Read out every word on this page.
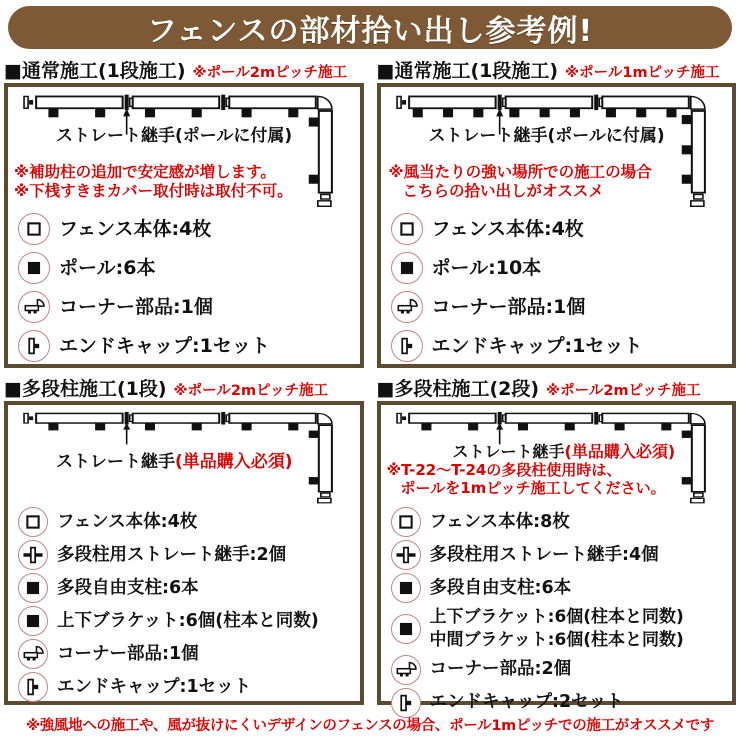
フェンスの部材拾い出し参考例!
■通常施工(1段施工) ※ポール2mピッチ施工
ストレート継手(ポールに付属)
※補助柱の追加で安定感が増します。
※下桟すきまカバー取付時は取付不可。
フェンス本体:4枚
ポール:6本
コーナー部品:1個
エンドキャップ:1セット
■通常施工(1段施工) ※ポール1mピッチ施工
ストレート継手(ポールに付属)
※風当たりの強い場所での施工の場合
こちらの拾い出しがオススメ
フェンス本体:4枚
ポール:10本
コーナー部品:1個
エンドキャップ:1セット
■多段柱施工(1段) ※ポール2mピッチ施工
ストレート継手(単品購入必須)
フェンス本体:4枚
多段柱用ストレート継手:2個
多段自由支柱:6本
上下ブラケット:6個(柱本と同数)
コーナー部品:1個
エンドキャップ:1セット
■多段柱施工(2段) ※ポール2mピッチ施工
ストレート継手(単品購入必須)
※T-22〜T-24の多段柱使用時は、
ポールを1mピッチ施工してください。
フェンス本体:8枚
多段柱用ストレート継手:4個
多段自由支柱:6本
上下ブラケット:6個(柱本と同数)
中間ブラケット:6個(柱本と同数)
コーナー部品:2個
エンドキャップ:2セット
※強風地への施工や、風が抜けにくいデザインのフェンスの場合、ポール1mピッチでの施工がオススメです
